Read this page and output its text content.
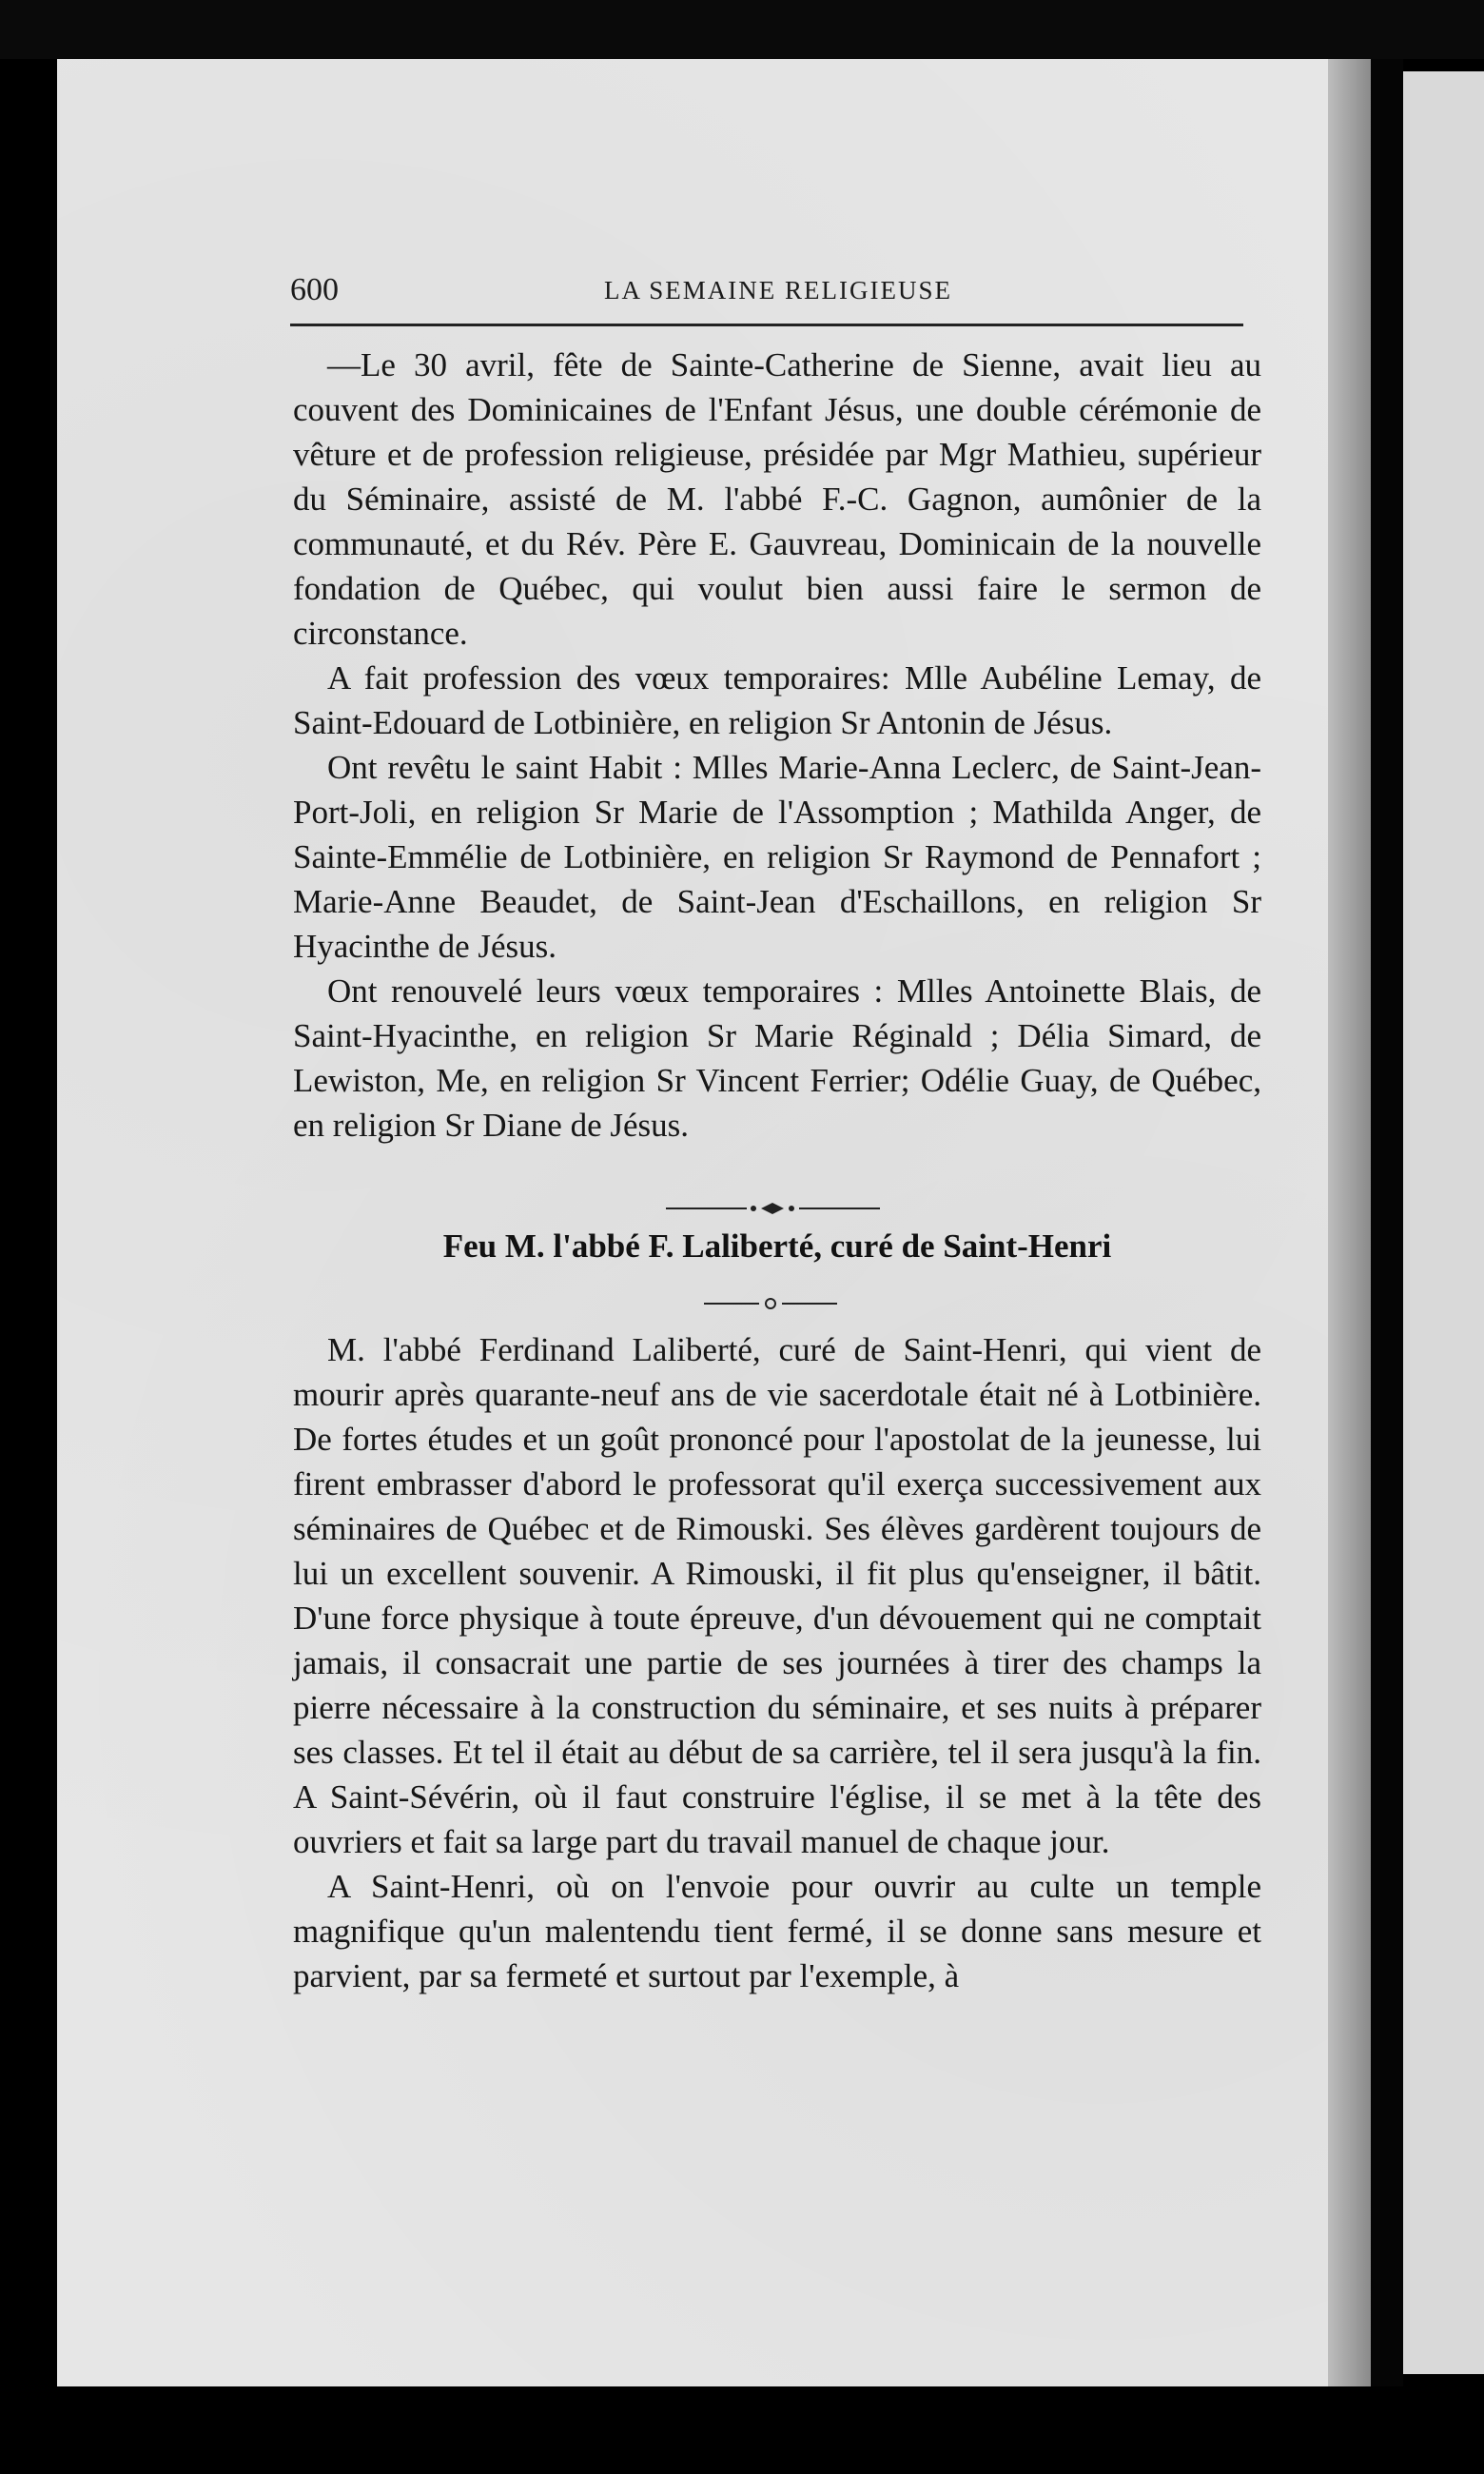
600	LA SEMAINE RELIGIEUSE

—Le 30 avril, fête de Sainte-Catherine de Sienne, avait lieu au couvent des Dominicaines de l'Enfant Jésus, une double cérémonie de vêture et de profession religieuse, présidée par Mgr Mathieu, supérieur du Séminaire, assisté de M. l'abbé F.-C. Gagnon, aumônier de la communauté, et du Rév. Père E. Gauvreau, Dominicain de la nouvelle fondation de Québec, qui voulut bien aussi faire le sermon de circonstance.

A fait profession des vœux temporaires: Mlle Aubéline Lemay, de Saint-Edouard de Lotbinière, en religion Sr Antonin de Jésus.

Ont revêtu le saint Habit : Mlles Marie-Anna Leclerc, de Saint-Jean-Port-Joli, en religion Sr Marie de l'Assomption ; Mathilda Anger, de Sainte-Emmélie de Lotbinière, en religion Sr Raymond de Pennafort ; Marie-Anne Beaudet, de Saint-Jean d'Eschaillons, en religion Sr Hyacinthe de Jésus.

Ont renouvelé leurs vœux temporaires : Mlles Antoinette Blais, de Saint-Hyacinthe, en religion Sr Marie Réginald ; Délia Simard, de Lewiston, Me, en religion Sr Vincent Ferrier; Odélie Guay, de Québec, en religion Sr Diane de Jésus.

Feu M. l'abbé F. Laliberté, curé de Saint-Henri

M. l'abbé Ferdinand Laliberté, curé de Saint-Henri, qui vient de mourir après quarante-neuf ans de vie sacerdotale était né à Lotbinière. De fortes études et un goût prononcé pour l'apostolat de la jeunesse, lui firent embrasser d'abord le professorat qu'il exerça successivement aux séminaires de Québec et de Rimouski. Ses élèves gardèrent toujours de lui un excellent souvenir. A Rimouski, il fit plus qu'enseigner, il bâtit. D'une force physique à toute épreuve, d'un dévouement qui ne comptait jamais, il consacrait une partie de ses journées à tirer des champs la pierre nécessaire à la construction du séminaire, et ses nuits à préparer ses classes. Et tel il était au début de sa carrière, tel il sera jusqu'à la fin. A Saint-Sévérin, où il faut construire l'église, il se met à la tête des ouvriers et fait sa large part du travail manuel de chaque jour.

A Saint-Henri, où on l'envoie pour ouvrir au culte un temple magnifique qu'un malentendu tient fermé, il se donne sans mesure et parvient, par sa fermeté et surtout par l'exemple, à
